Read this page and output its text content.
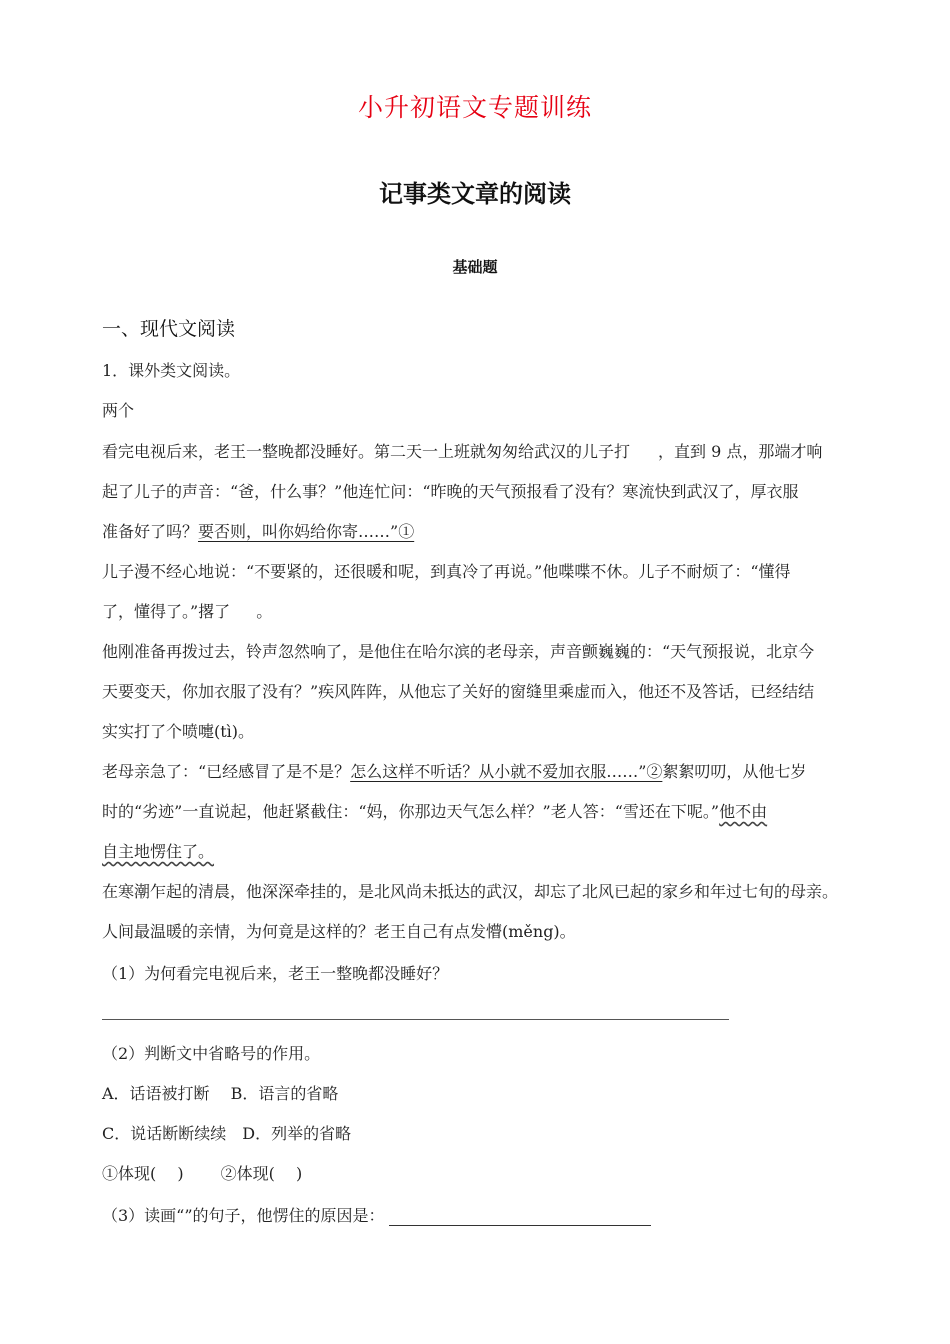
小升初语文专题训练
记事类文章的阅读
基础题
一、现代文阅读
1．课外类文阅读。
两个
看完电视后来，老王一整晚都没睡好。第二天一上班就匆匆给武汉的儿子打 ，直到 9 点，那端才响
起了儿子的声音：“爸，什么事？”他连忙问：“昨晚的天气预报看了没有？寒流快到武汉了，厚衣服
准备好了吗？要否则，叫你妈给你寄……”①
儿子漫不经心地说：“不要紧的，还很暖和呢，到真冷了再说。”他喋喋不休。儿子不耐烦了：“懂得
了，懂得了。”撂了 。
他刚准备再拨过去，铃声忽然响了，是他住在哈尔滨的老母亲，声音颤巍巍的：“天气预报说，北京今
天要变天，你加衣服了没有？”疾风阵阵，从他忘了关好的窗缝里乘虚而入，他还不及答话，已经结结
实实打了个喷嚏(tì)。
老母亲急了：“已经感冒了是不是？怎么这样不听话？从小就不爱加衣服……”②絮絮叨叨，从他七岁
时的“劣迹”一直说起，他赶紧截住：“妈，你那边天气怎么样？”老人答：“雪还在下呢。”他不由
自主地愣住了。
在寒潮乍起的清晨，他深深牵挂的，是北风尚未抵达的武汉，却忘了北风已起的家乡和年过七旬的母亲。
人间最温暖的亲情，为何竟是这样的？老王自己有点发懵(měng)。
（1）为何看完电视后来，老王一整晚都没睡好？
（2）判断文中省略号的作用。
A．话语被打断　 B．语言的省略
C．说话断断续续　D．列举的省略
①体现(　 )　　 ②体现(　 )
（3）读画“”的句子，他愣住的原因是：
